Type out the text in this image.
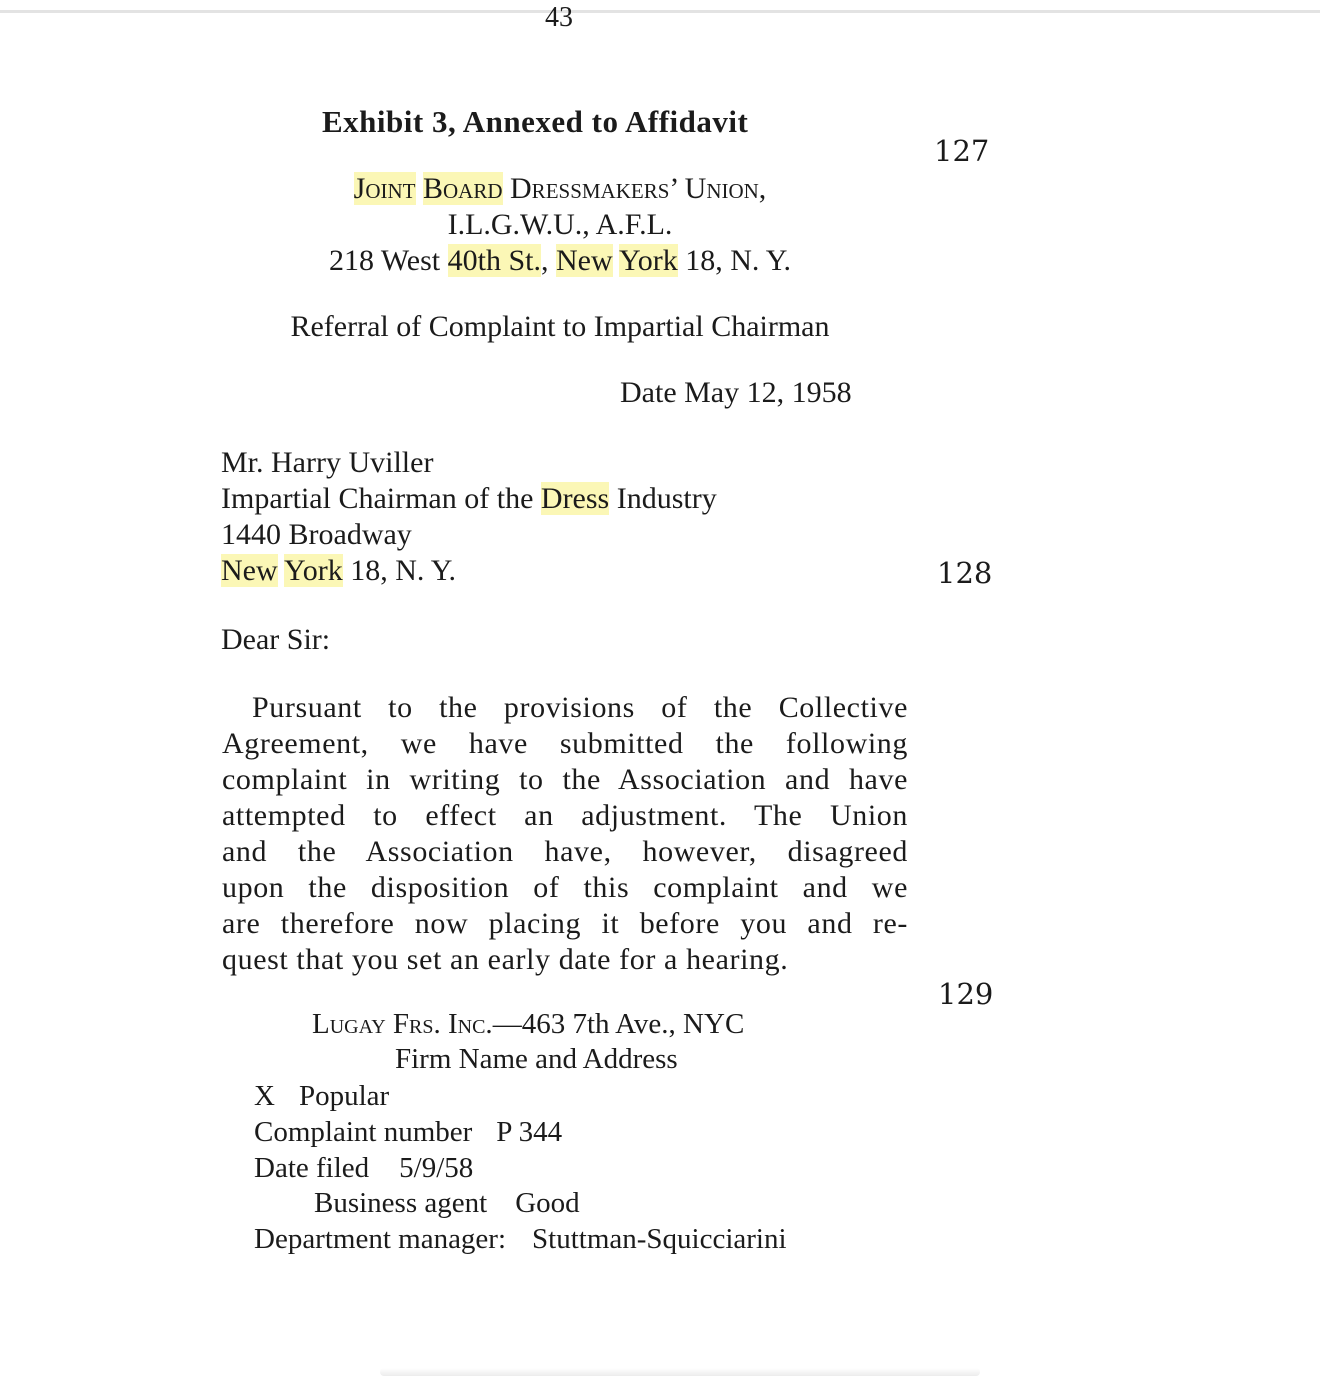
43
Exhibit 3, Annexed to Affidavit
127
Joint Board Dressmakers’ Union,
I.L.G.W.U., A.F.L.
218 West 40th St., New York 18, N. Y.
Referral of Complaint to Impartial Chairman
Date May 12, 1958
Mr. Harry Uviller
Impartial Chairman of the Dress Industry
1440 Broadway
New York 18, N. Y.	128
Dear Sir:
Pursuant to the provisions of the Collective
Agreement, we have submitted the following
complaint in writing to the Association and have
attempted to effect an adjustment. The Union
and the Association have, however, disagreed
upon the disposition of this complaint and we
are therefore now placing it before you and re-
quest that you set an early date for a hearing.
129
Lugay Frs. Inc.—463 7th Ave., NYC
Firm Name and Address
X Popular
Complaint number P 344
Date filed 5/9/58
Business agent Good
Department manager: Stuttman-Squicciarini
